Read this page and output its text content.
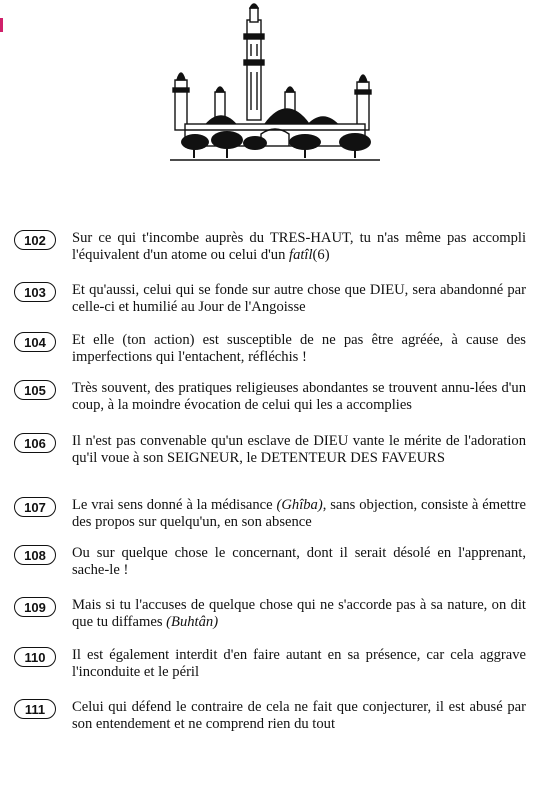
102	Sur ce qui t'incombe auprès du TRES-HAUT, tu n'as même pas accompli l'équivalent d'un atome ou celui d'un fatîl(6)
103	Et qu'aussi, celui qui se fonde sur autre chose que DIEU, sera abandonné par celle-ci et humilié au Jour de l'Angoisse
104	Et elle (ton action) est susceptible de ne pas être agréée, à cause des imperfections qui l'entachent, réfléchis !
105	Très souvent, des pratiques religieuses abondantes se trouvent annu-lées d'un coup, à la moindre évocation de celui qui les a accomplies
106	Il n'est pas convenable qu'un esclave de DIEU vante le mérite de l'adoration qu'il voue à son SEIGNEUR, le DETENTEUR DES FAVEURS
107	Le vrai sens donné à la médisance (Ghîba), sans objection, consiste à émettre des propos sur quelqu'un, en son absence
108	Ou sur quelque chose le concernant, dont il serait désolé en l'apprenant, sache-le !
109	Mais si tu l'accuses de quelque chose qui ne s'accorde pas à sa nature, on dit que tu diffames (Buhtân)
110	Il est également interdit d'en faire autant en sa présence, car cela aggrave l'inconduite et le péril
111	Celui qui défend le contraire de cela ne fait que conjecturer, il est abusé par son entendement et ne comprend rien du tout
